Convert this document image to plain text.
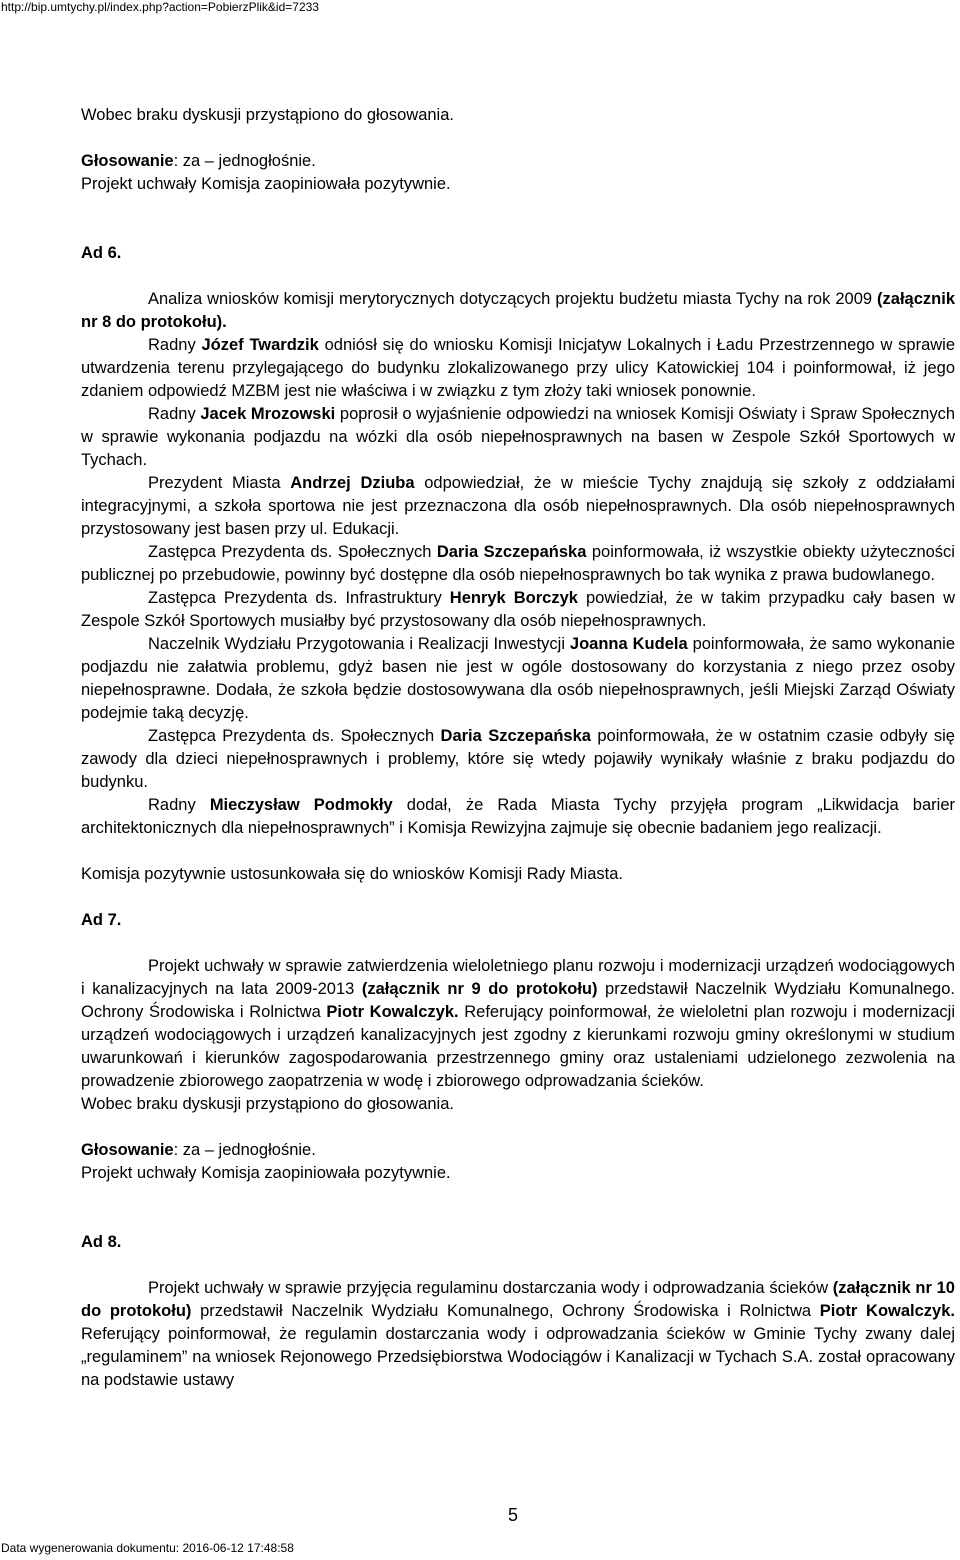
http://bip.umtychy.pl/index.php?action=PobierzPlik&id=7233

Wobec braku dyskusji przystąpiono do głosowania.

Głosowanie: za – jednogłośnie.

Projekt uchwały Komisja zaopiniowała pozytywnie.

Ad 6.

Analiza wniosków komisji merytorycznych dotyczących projektu budżetu miasta Tychy na rok 2009 (załącznik nr 8 do protokołu).

Radny Józef Twardzik odniósł się do wniosku Komisji Inicjatyw Lokalnych i Ładu Przestrzennego w sprawie utwardzenia terenu przylegającego do budynku zlokalizowanego przy ulicy Katowickiej 104 i poinformował, iż jego zdaniem odpowiedź MZBM jest nie właściwa i w związku z tym złoży taki wniosek ponownie.

Radny Jacek Mrozowski poprosił o wyjaśnienie odpowiedzi na wniosek Komisji Oświaty i Spraw Społecznych w sprawie wykonania podjazdu na wózki dla osób niepełnosprawnych na basen w Zespole Szkół Sportowych w Tychach.

Prezydent Miasta Andrzej Dziuba odpowiedział, że w mieście Tychy znajdują się szkoły z oddziałami integracyjnymi, a szkoła sportowa nie jest przeznaczona dla osób niepełnosprawnych. Dla osób niepełnosprawnych przystosowany jest basen przy ul. Edukacji.

Zastępca Prezydenta ds. Społecznych Daria Szczepańska poinformowała, iż wszystkie obiekty użyteczności publicznej po przebudowie, powinny być dostępne dla osób niepełnosprawnych bo tak wynika z prawa budowlanego.

Zastępca Prezydenta ds. Infrastruktury Henryk Borczyk powiedział, że w takim przypadku cały basen w Zespole Szkół Sportowych musiałby być przystosowany dla osób niepełnosprawnych.

Naczelnik Wydziału Przygotowania i Realizacji Inwestycji Joanna Kudela poinformowała, że samo wykonanie podjazdu nie załatwia problemu, gdyż basen nie jest w ogóle dostosowany do korzystania z niego przez osoby niepełnosprawne. Dodała, że szkoła będzie dostosowywana dla osób niepełnosprawnych, jeśli Miejski Zarząd Oświaty podejmie taką decyzję.

Zastępca Prezydenta ds. Społecznych Daria Szczepańska poinformowała, że w ostatnim czasie odbyły się zawody dla dzieci niepełnosprawnych i problemy, które się wtedy pojawiły wynikały właśnie z braku podjazdu do budynku.

Radny Mieczysław Podmokły dodał, że Rada Miasta Tychy przyjęła program „Likwidacja barier architektonicznych dla niepełnosprawnych” i Komisja Rewizyjna zajmuje się obecnie badaniem jego realizacji.

Komisja pozytywnie ustosunkowała się do wniosków Komisji Rady Miasta.

Ad 7.

Projekt uchwały w sprawie zatwierdzenia wieloletniego planu rozwoju i modernizacji urządzeń wodociągowych i kanalizacyjnych na lata 2009-2013 (załącznik nr 9 do protokołu) przedstawił Naczelnik Wydziału Komunalnego. Ochrony Środowiska i Rolnictwa Piotr Kowalczyk. Referujący poinformował, że wieloletni plan rozwoju i modernizacji urządzeń wodociągowych i urządzeń kanalizacyjnych jest zgodny z kierunkami rozwoju gminy określonymi w studium uwarunkowań i kierunków zagospodarowania przestrzennego gminy oraz ustaleniami udzielonego zezwolenia na prowadzenie zbiorowego zaopatrzenia w wodę i zbiorowego odprowadzania ścieków.

Wobec braku dyskusji przystąpiono do głosowania.

Głosowanie: za – jednogłośnie.

Projekt uchwały Komisja zaopiniowała pozytywnie.

Ad 8.

Projekt uchwały w sprawie przyjęcia regulaminu dostarczania wody i odprowadzania ścieków (załącznik nr 10 do protokołu) przedstawił Naczelnik Wydziału Komunalnego, Ochrony Środowiska i Rolnictwa Piotr Kowalczyk. Referujący poinformował, że regulamin dostarczania wody i odprowadzania ścieków w Gminie Tychy zwany dalej „regulaminem” na wniosek Rejonowego Przedsiębiorstwa Wodociągów i Kanalizacji w Tychach S.A. został opracowany na podstawie ustawy

5
Data wygenerowania dokumentu: 2016-06-12 17:48:58
